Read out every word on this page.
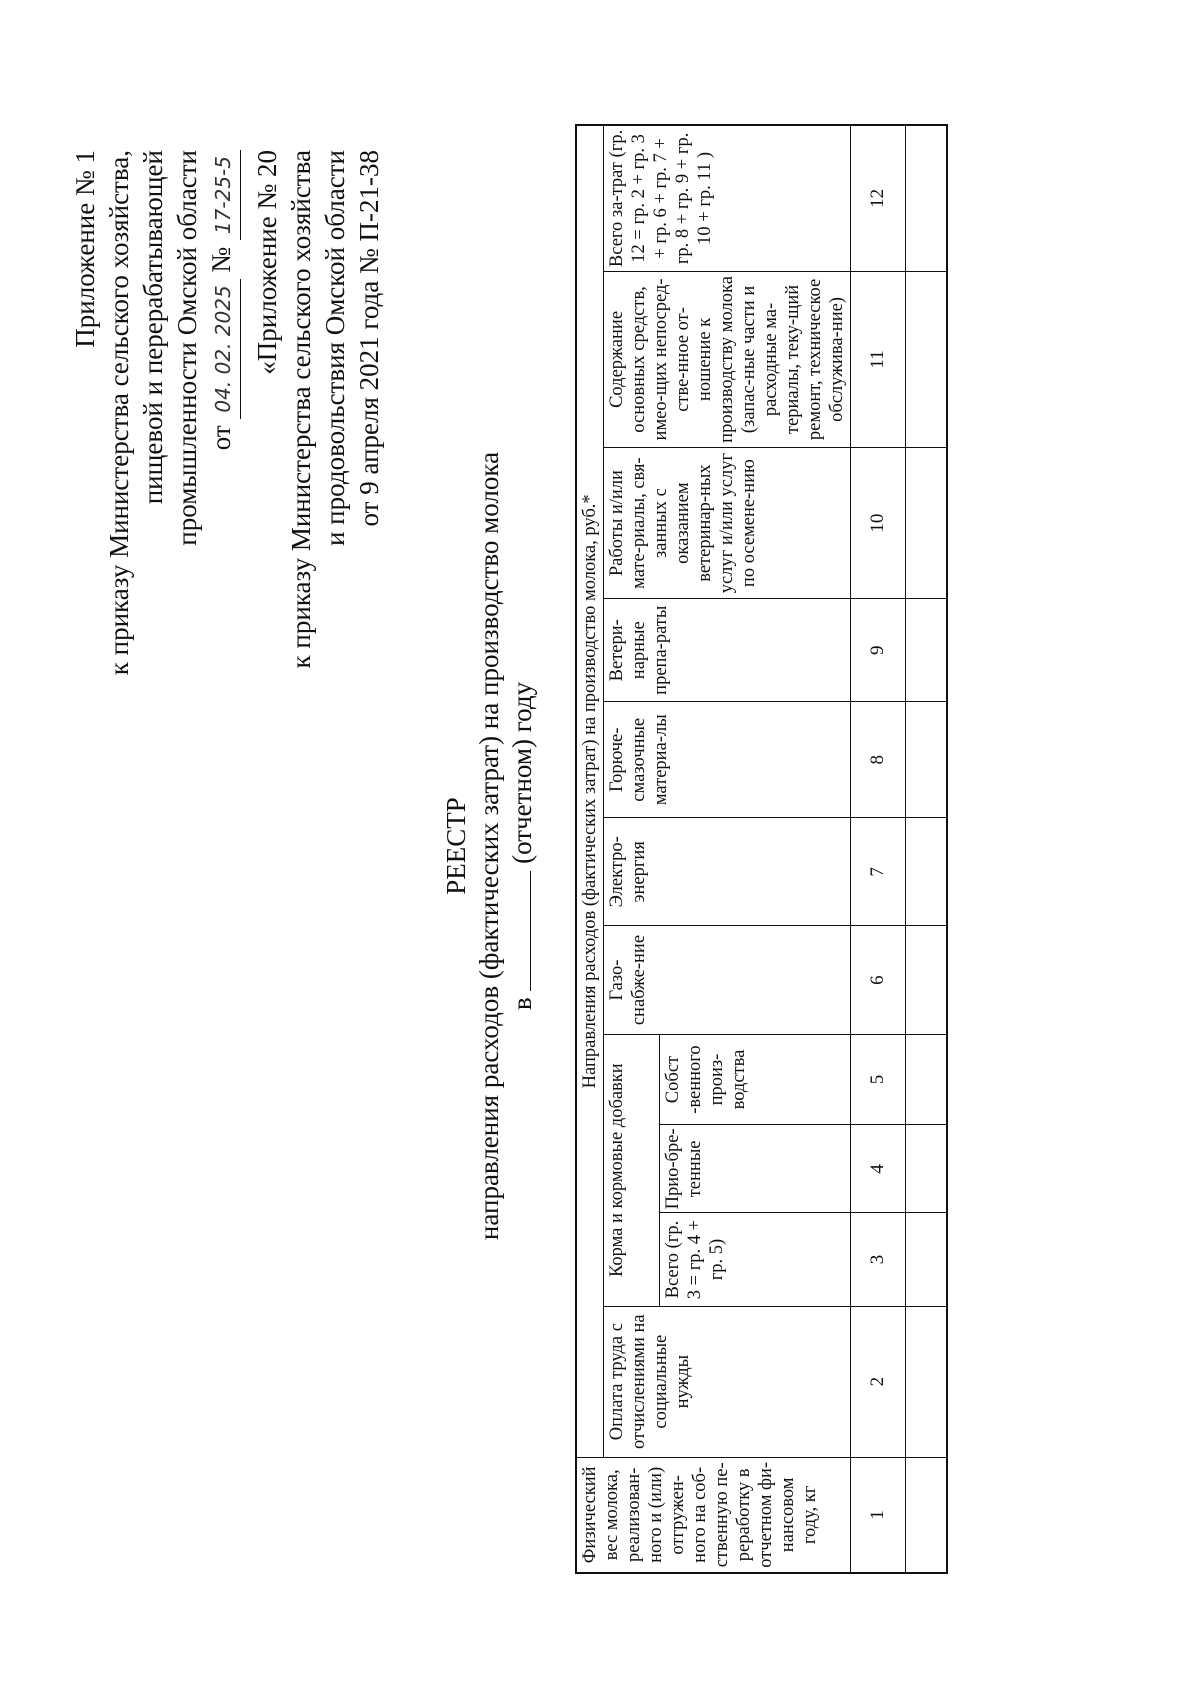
Приложение № 1 к приказу Министерства сельского хозяйства, пищевой и перерабатывающей промышленности Омской области от 04. 02. 2025 № 17-25-5 «Приложение № 20 к приказу Министерства сельского хозяйства и продовольствия Омской области от 9 апреля 2021 года № П-21-38
РЕЕСТР направления расходов (фактических затрат) на производство молока в  (отчетном) году
Физический вес молока, реализован-ного и (или) отгружен-ного на соб-ственную пе-реработку в отчетном фи-нансовом году, кг	Направления расходов (фактических затрат) на производство молока, руб.*										
	Оплата труда с отчислениями на социальные нужды	Корма и кормовые добавки			Газо-снабже-ние	Электро-энергия	Горюче-смазочные материа-лы	Ветери-нарные препа-раты	Работы и/или мате-риалы, свя-занных с оказанием ветеринар-ных услуг и/или услуг по осемене-нию	Содержание основных средств, имео-щих непосред-стве-нное от-ношение к производству молока (запас-ные части и расходные ма-териалы, теку-щий ремонт, техническое обслужива-ние)	Всего за-трат (гр. 12 = гр. 2 + гр. 3 + гр. 6 + гр. 7 + гр. 8 + гр. 9 + гр. 10 + гр. 11 )
		Всего (гр. 3 = гр. 4 + гр. 5)	Прио-бре-тенные	Собст -венного произ-водства							
1	2	3	4	5	6	7	8	9	10	11	12
